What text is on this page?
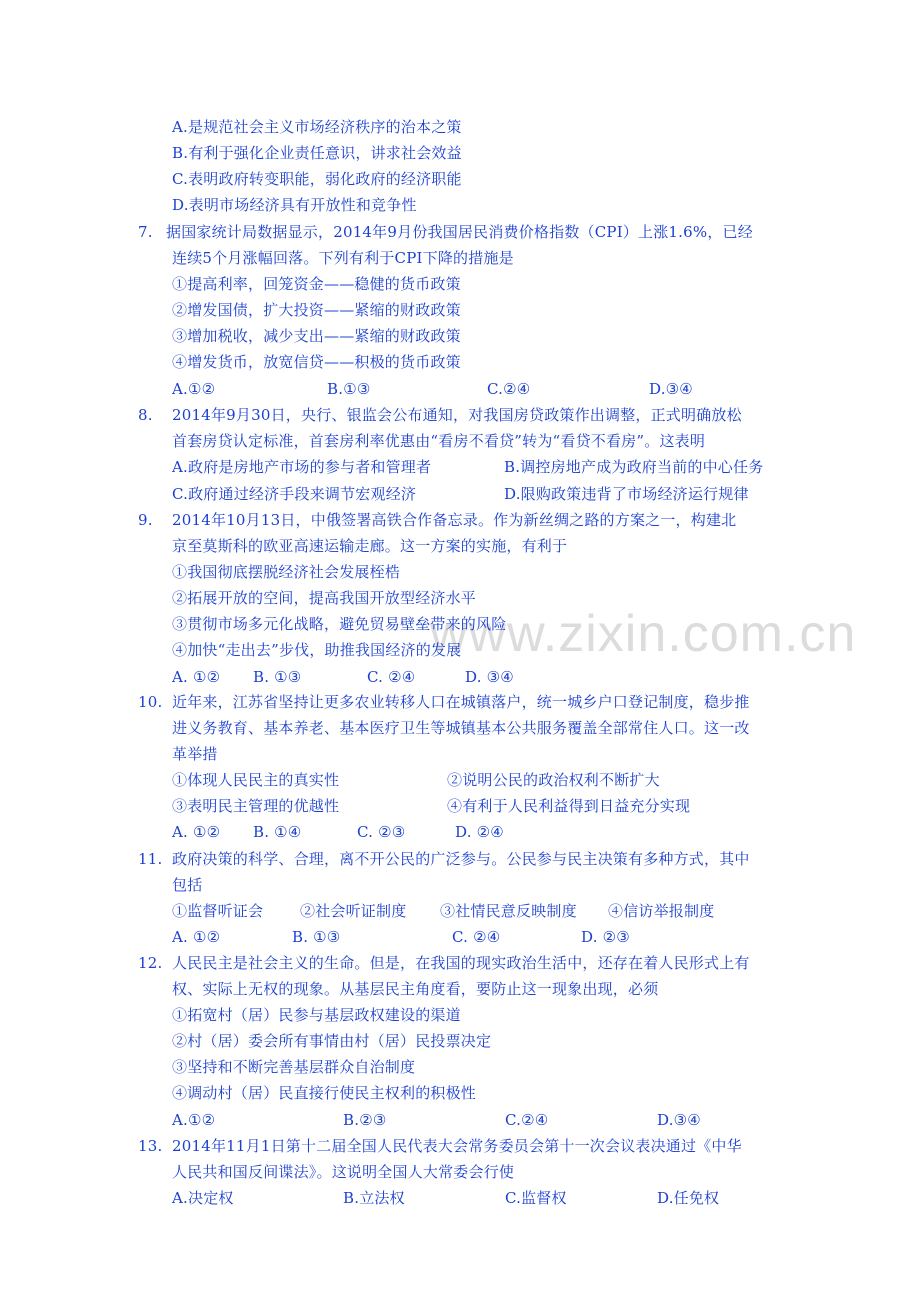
www.zixin.com.cn
A.是规范社会主义市场经济秩序的治本之策
B.有利于强化企业责任意识，讲求社会效益
C.表明政府转变职能，弱化政府的经济职能
D.表明市场经济具有开放性和竞争性
7. 据国家统计局数据显示，2014年9月份我国居民消费价格指数（CPI）上涨1.6%，已经
连续5个月涨幅回落。下列有利于CPI下降的措施是
①提高利率，回笼资金——稳健的货币政策
②增发国债，扩大投资——紧缩的财政政策
③增加税收，减少支出——紧缩的财政政策
④增发货币，放宽信贷——积极的货币政策
A.①②	B.①③	C.②④	D.③④
8. 2014年9月30日，央行、银监会公布通知，对我国房贷政策作出调整，正式明确放松
首套房贷认定标准，首套房利率优惠由“看房不看贷”转为“看贷不看房”。这表明
A.政府是房地产市场的参与者和管理者	B.调控房地产成为政府当前的中心任务
C.政府通过经济手段来调节宏观经济	D.限购政策违背了市场经济运行规律
9. 2014年10月13日，中俄签署高铁合作备忘录。作为新丝绸之路的方案之一，构建北
京至莫斯科的欧亚高速运输走廊。这一方案的实施，有利于
①我国彻底摆脱经济社会发展桎梏
②拓展开放的空间，提高我国开放型经济水平
③贯彻市场多元化战略，避免贸易壁垒带来的风险
④加快“走出去”步伐，助推我国经济的发展
A. ①② B. ①③	C. ②④	D. ③④
10. 近年来，江苏省坚持让更多农业转移人口在城镇落户，统一城乡户口登记制度，稳步推
进义务教育、基本养老、基本医疗卫生等城镇基本公共服务覆盖全部常住人口。这一改
革举措
①体现人民民主的真实性	②说明公民的政治权利不断扩大
③表明民主管理的优越性	④有利于人民利益得到日益充分实现
A. ①② B. ①④	C. ②③	D. ②④
11. 政府决策的科学、合理，离不开公民的广泛参与。公民参与民主决策有多种方式，其中
包括
①监督听证会 ②社会听证制度 ③社情民意反映制度 ④信访举报制度
A. ①②	B. ①③	C. ②④	D. ②③
12. 人民民主是社会主义的生命。但是，在我国的现实政治生活中，还存在着人民形式上有
权、实际上无权的现象。从基层民主角度看，要防止这一现象出现，必须
①拓宽村（居）民参与基层政权建设的渠道
②村（居）委会所有事情由村（居）民投票决定
③坚持和不断完善基层群众自治制度
④调动村（居）民直接行使民主权利的积极性
A.①②	B.②③	C.②④	D.③④
13. 2014年11月1日第十二届全国人民代表大会常务委员会第十一次会议表决通过《中华
人民共和国反间谍法》。这说明全国人大常委会行使
A.决定权	B.立法权	C.监督权	D.任免权
